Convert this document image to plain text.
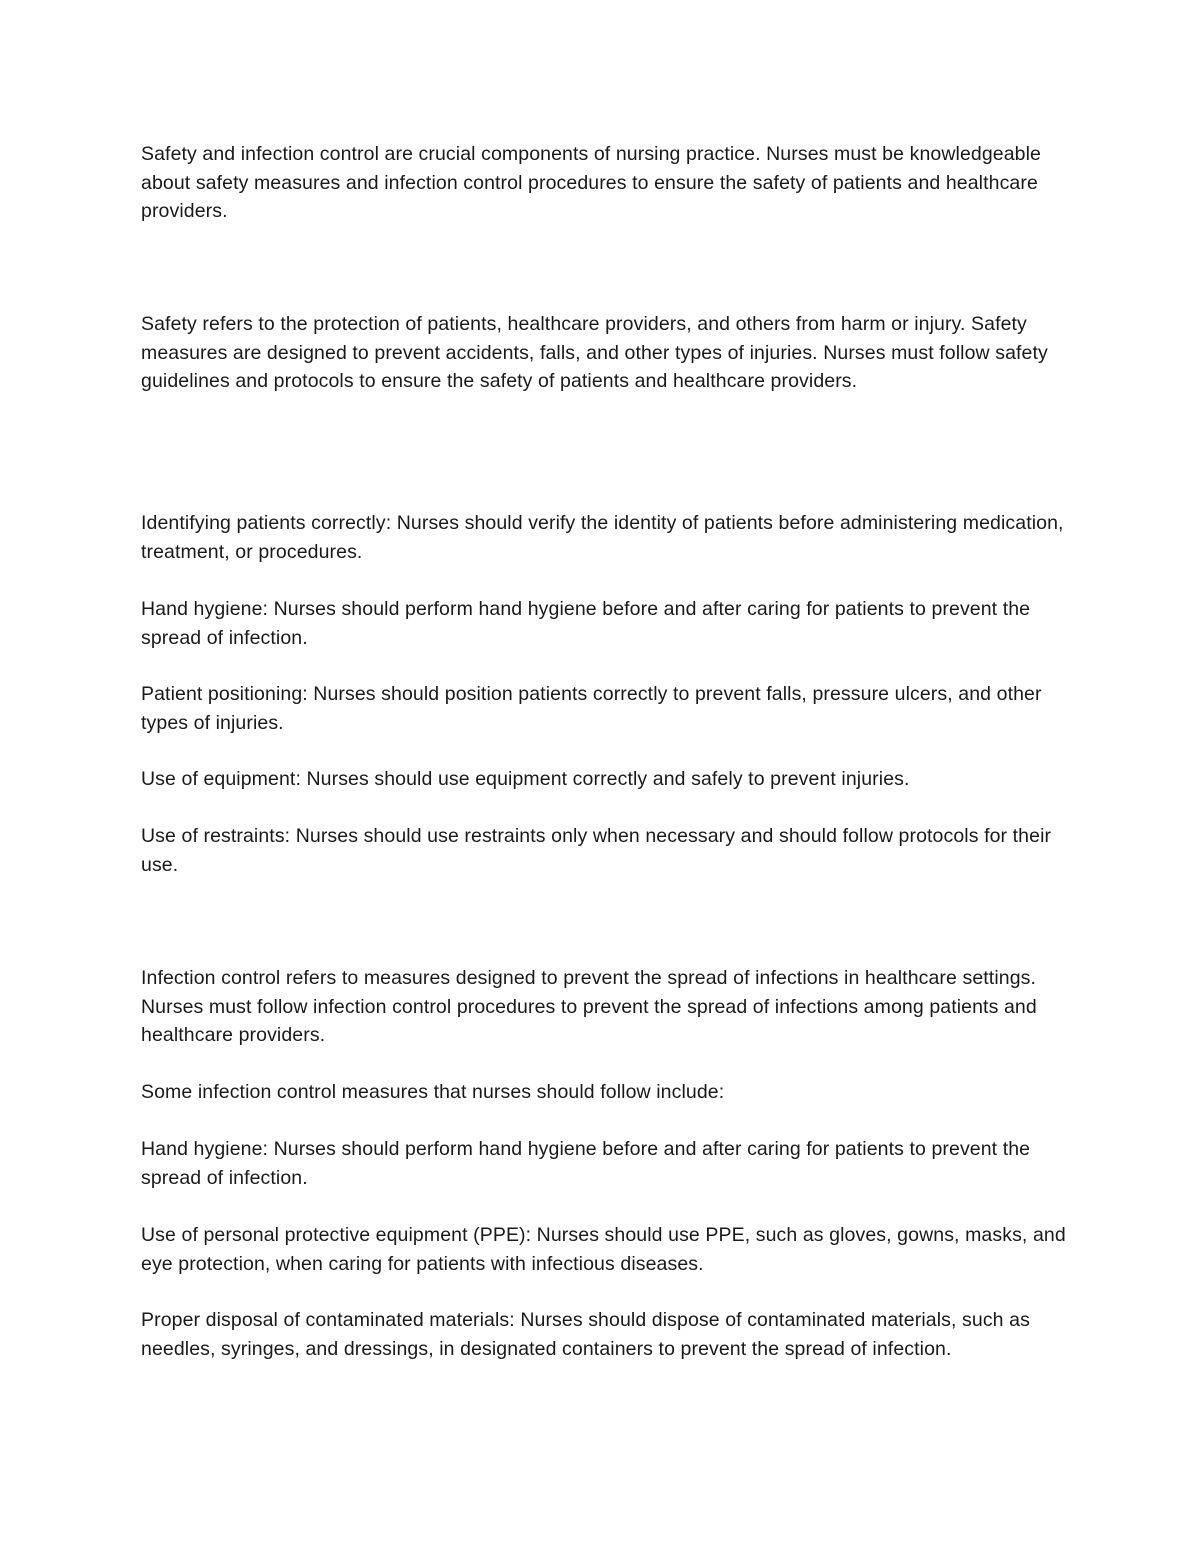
Safety and infection control are crucial components of nursing practice. Nurses must be knowledgeable about safety measures and infection control procedures to ensure the safety of patients and healthcare providers.

Safety refers to the protection of patients, healthcare providers, and others from harm or injury. Safety measures are designed to prevent accidents, falls, and other types of injuries. Nurses must follow safety guidelines and protocols to ensure the safety of patients and healthcare providers.

Identifying patients correctly: Nurses should verify the identity of patients before administering medication, treatment, or procedures.

Hand hygiene: Nurses should perform hand hygiene before and after caring for patients to prevent the spread of infection.

Patient positioning: Nurses should position patients correctly to prevent falls, pressure ulcers, and other types of injuries.

Use of equipment: Nurses should use equipment correctly and safely to prevent injuries.

Use of restraints: Nurses should use restraints only when necessary and should follow protocols for their use.

Infection control refers to measures designed to prevent the spread of infections in healthcare settings. Nurses must follow infection control procedures to prevent the spread of infections among patients and healthcare providers.

Some infection control measures that nurses should follow include:

Hand hygiene: Nurses should perform hand hygiene before and after caring for patients to prevent the spread of infection.

Use of personal protective equipment (PPE): Nurses should use PPE, such as gloves, gowns, masks, and eye protection, when caring for patients with infectious diseases.

Proper disposal of contaminated materials: Nurses should dispose of contaminated materials, such as needles, syringes, and dressings, in designated containers to prevent the spread of infection.
